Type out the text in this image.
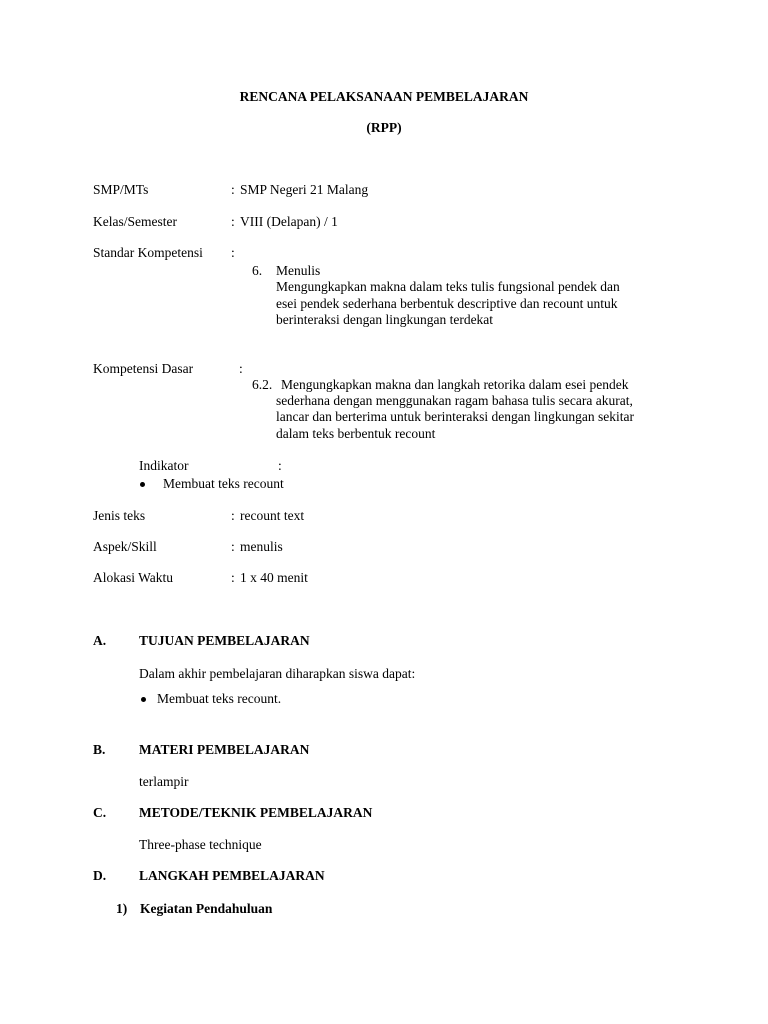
RENCANA PELAKSANAAN PEMBELAJARAN
(RPP)
SMP/MTs	: SMP Negeri 21 Malang
Kelas/Semester	: VIII (Delapan) / 1
Standar Kompetensi :
6. Menulis
Mengungkapkan makna dalam teks tulis fungsional pendek dan
esei pendek sederhana berbentuk descriptive dan recount untuk
berinteraksi dengan lingkungan terdekat
Kompetensi Dasar	:
6.2. Mengungkapkan makna dan langkah retorika dalam esei pendek
sederhana dengan menggunakan ragam bahasa tulis secara akurat,
lancar dan berterima untuk berinteraksi dengan lingkungan sekitar
dalam teks berbentuk recount
Indikator	:
Membuat teks recount
Jenis teks	: recount text
Aspek/Skill	: menulis
Alokasi Waktu	: 1 x 40 menit
A. TUJUAN PEMBELAJARAN
Dalam akhir pembelajaran diharapkan siswa dapat:
Membuat teks recount.
B. MATERI PEMBELAJARAN
terlampir
C. METODE/TEKNIK PEMBELAJARAN
Three-phase technique
D. LANGKAH PEMBELAJARAN
1) Kegiatan Pendahuluan
